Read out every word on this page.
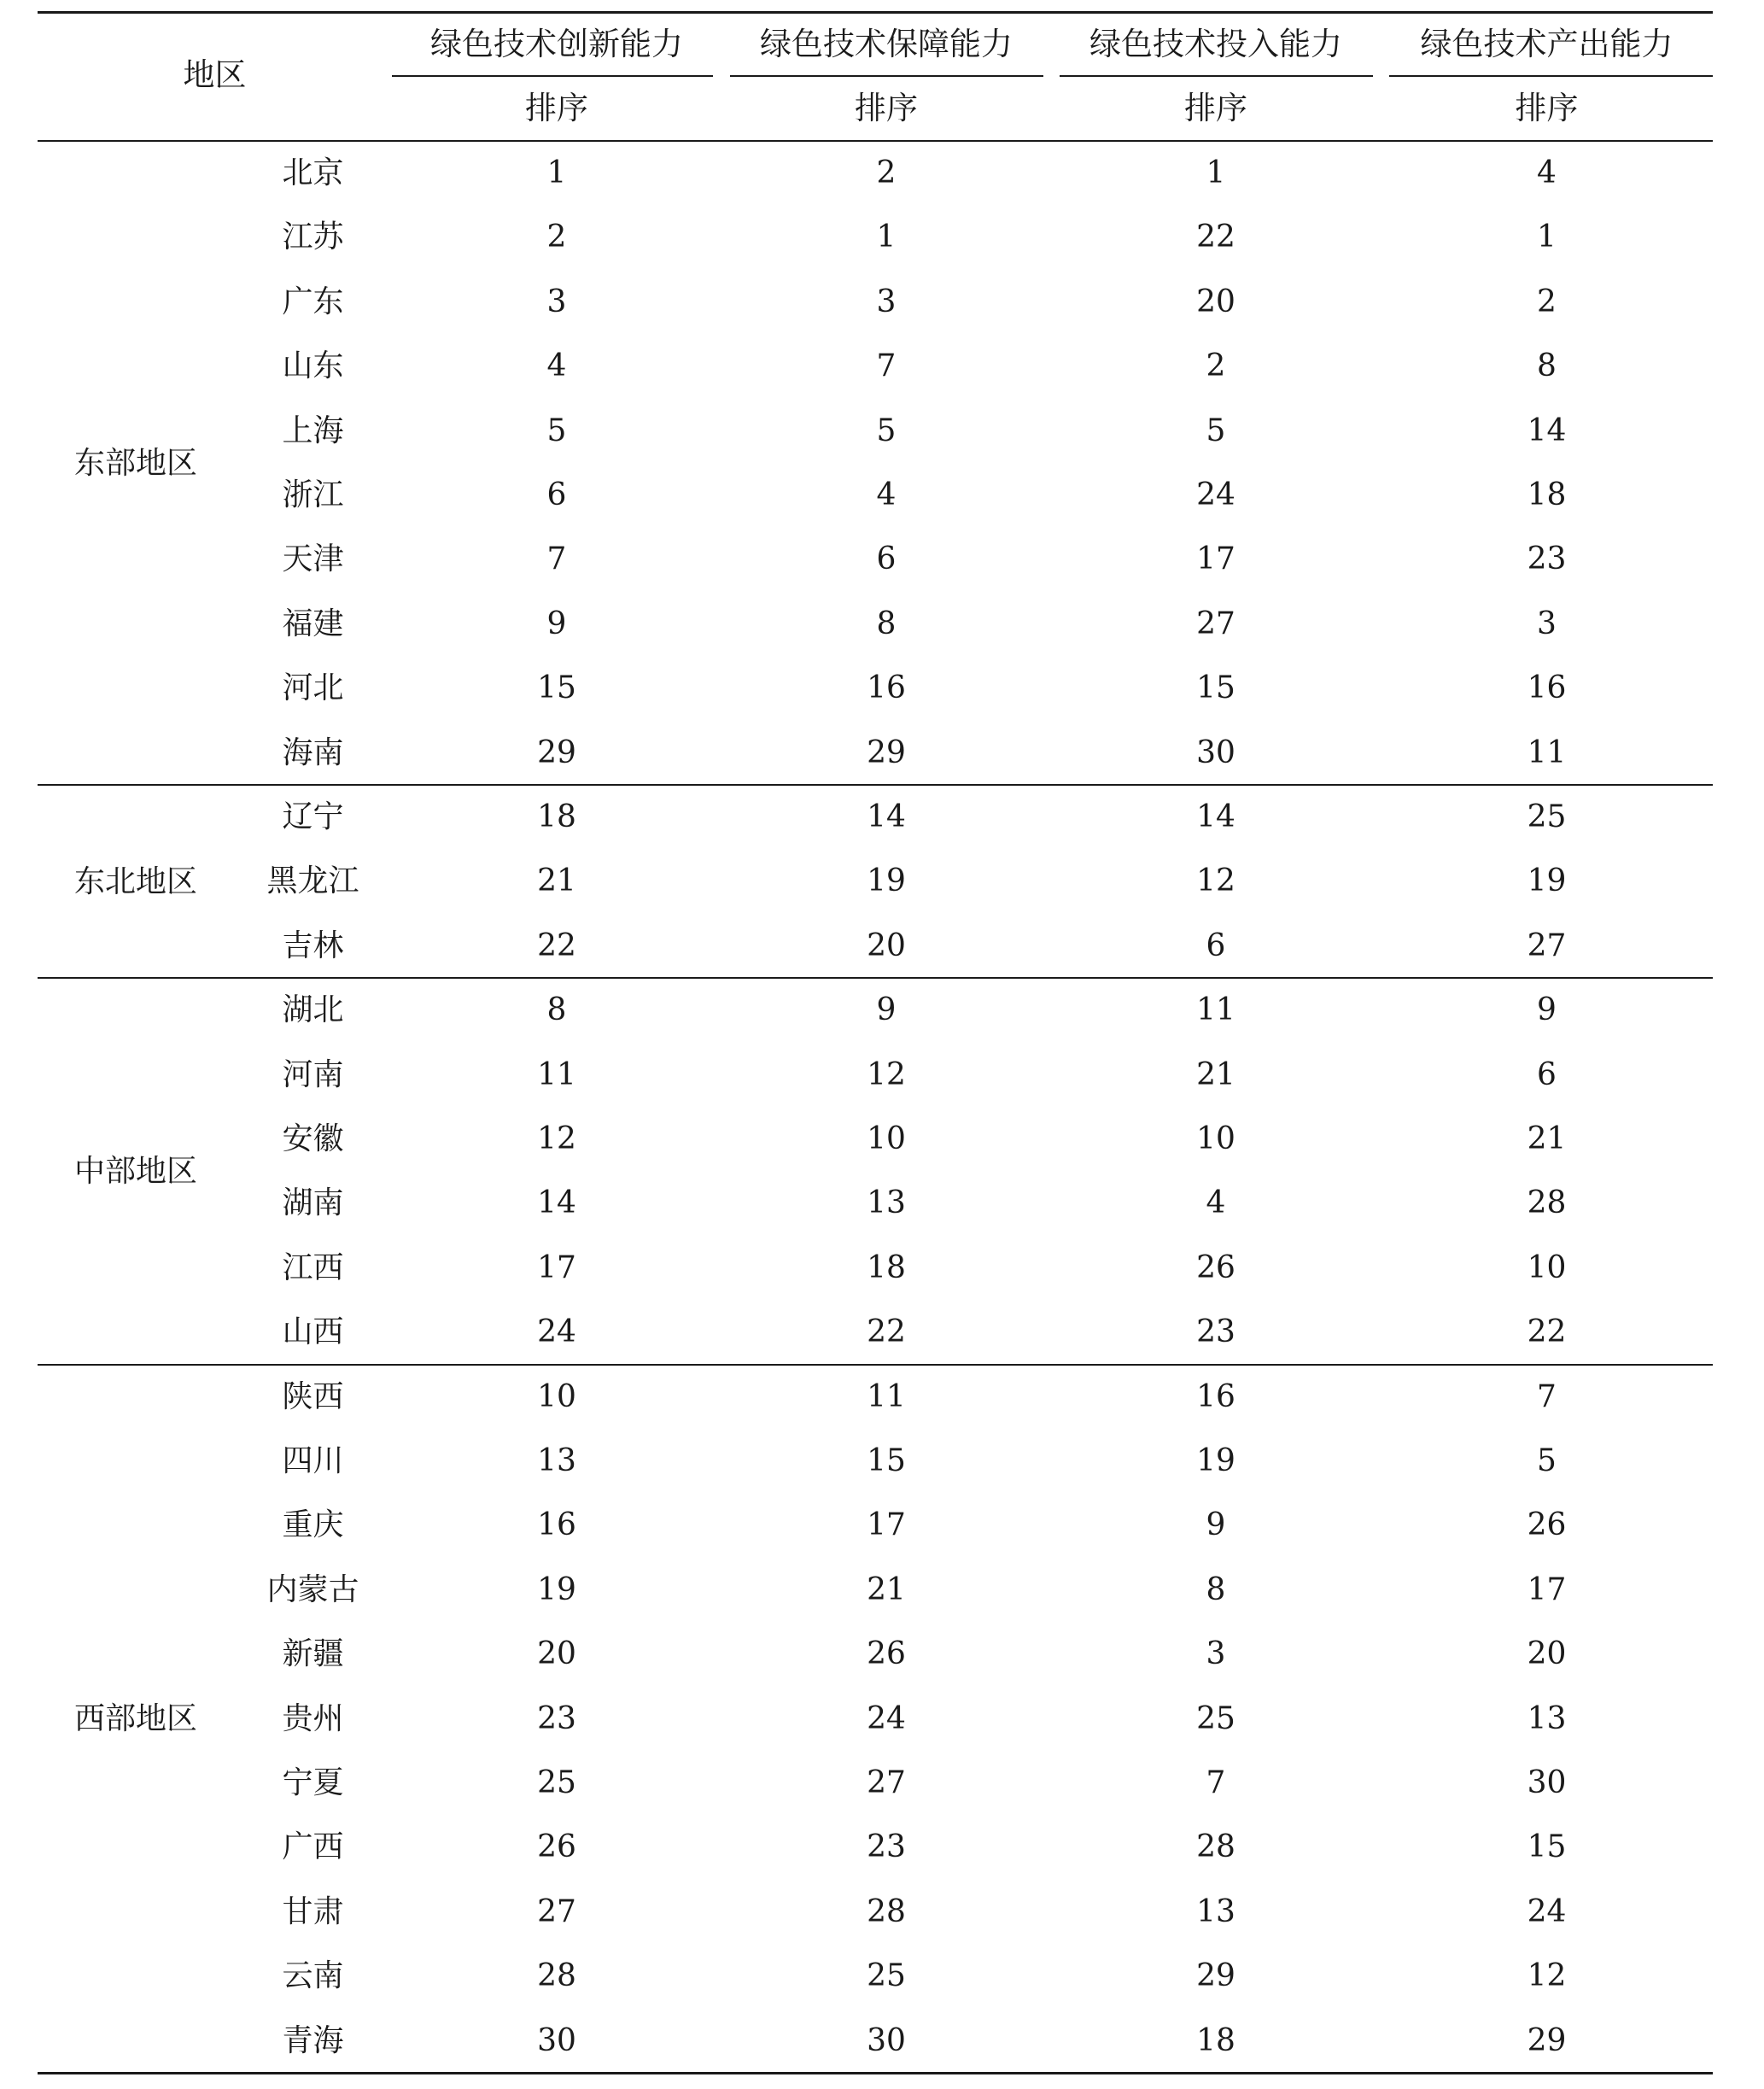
地区
绿色技术创新能力	绿色技术保障能力	绿色技术投入能力	绿色技术产出能力
排序	排序	排序	排序
北京	1	2	1	4
江苏	2	1	22	1
广东	3	3	20	2
山东	4	7	2	8
上海	5	5	5	14
浙江	6	4	24	18
天津	7	6	17	23
福建	9	8	27	3
河北	15	16	15	16
海南	29	29	30	11
东部地区
辽宁	18	14	14	25
黑龙江	21	19	12	19
吉林	22	20	6	27
东北地区
湖北	8	9	11	9
河南	11	12	21	6
安徽	12	10	10	21
湖南	14	13	4	28
江西	17	18	26	10
山西	24	22	23	22
中部地区
陕西	10	11	16	7
四川	13	15	19	5
重庆	16	17	9	26
内蒙古	19	21	8	17
新疆	20	26	3	20
贵州	23	24	25	13
宁夏	25	27	7	30
广西	26	23	28	15
甘肃	27	28	13	24
云南	28	25	29	12
青海	30	30	18	29
西部地区
